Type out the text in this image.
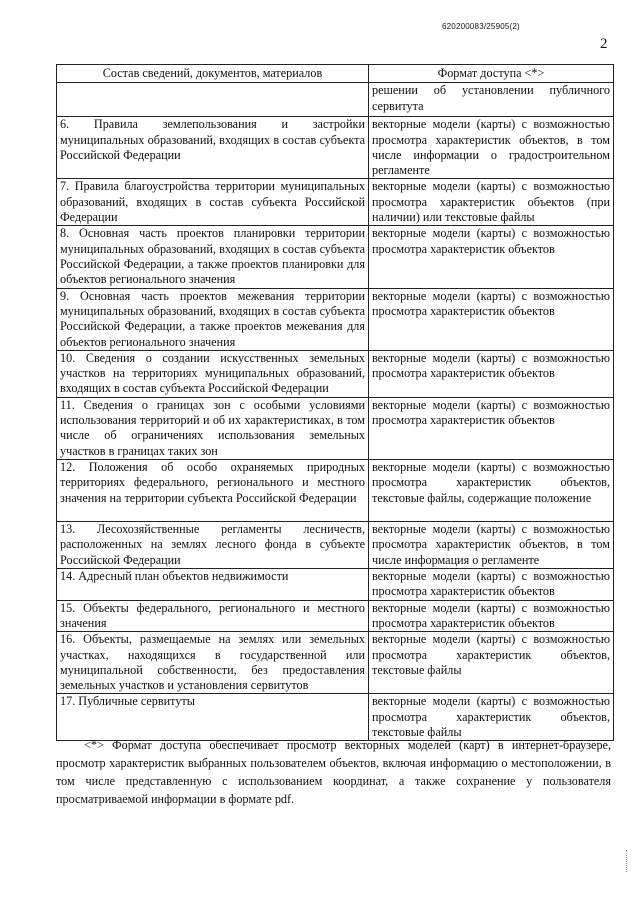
620200083/25905(2)
2
Состав сведений, документов, материалов	Формат доступа <*>

	решении об установлении публичного сервитута

6. Правила землепользования и застройки муниципальных образований, входящих в состав субъекта Российской Федерации	векторные модели (карты) с возможностью просмотра характеристик объектов, в том числе информации о градостроительном регламенте

7. Правила благоустройства территории муниципальных образований, входящих в состав субъекта Российской Федерации	векторные модели (карты) с возможностью просмотра характеристик объектов (при наличии) или текстовые файлы

8. Основная часть проектов планировки территории муниципальных образований, входящих в состав субъекта Российской Федерации, а также проектов планировки для объектов регионального значения	векторные модели (карты) с возможностью просмотра характеристик объектов

9. Основная часть проектов межевания территории муниципальных образований, входящих в состав субъекта Российской Федерации, а также проектов межевания для объектов регионального значения	векторные модели (карты) с возможностью просмотра характеристик объектов

10. Сведения о создании искусственных земельных участков на территориях муниципальных образований, входящих в состав субъекта Российской Федерации	векторные модели (карты) с возможностью просмотра характеристик объектов

11. Сведения о границах зон с особыми условиями использования территорий и об их характеристиках, в том числе об ограничениях использования земельных участков в границах таких зон	векторные модели (карты) с возможностью просмотра характеристик объектов

12. Положения об особо охраняемых природных территориях федерального, регионального и местного значения на территории субъекта Российской Федерации	векторные модели (карты) с возможностью просмотра характеристик объектов, текстовые файлы, содержащие положение

13. Лесохозяйственные регламенты лесничеств, расположенных на землях лесного фонда в субъекте Российской Федерации	векторные модели (карты) с возможностью просмотра характеристик объектов, в том числе информация о регламенте

14. Адресный план объектов недвижимости	векторные модели (карты) с возможностью просмотра характеристик объектов

15. Объекты федерального, регионального и местного значения	векторные модели (карты) с возможностью просмотра характеристик объектов

16. Объекты, размещаемые на землях или земельных участках, находящихся в государственной или муниципальной собственности, без предоставления земельных участков и установления сервитутов	векторные модели (карты) с возможностью просмотра характеристик объектов, текстовые файлы

17. Публичные сервитуты	векторные модели (карты) с возможностью просмотра характеристик объектов, текстовые файлы
<*> Формат доступа обеспечивает просмотр векторных моделей (карт) в интернет-браузере, просмотр характеристик выбранных пользователем объектов, включая информацию о местоположении, в том числе представленную с использованием координат, а также сохранение у пользователя просматриваемой информации в формате pdf.
